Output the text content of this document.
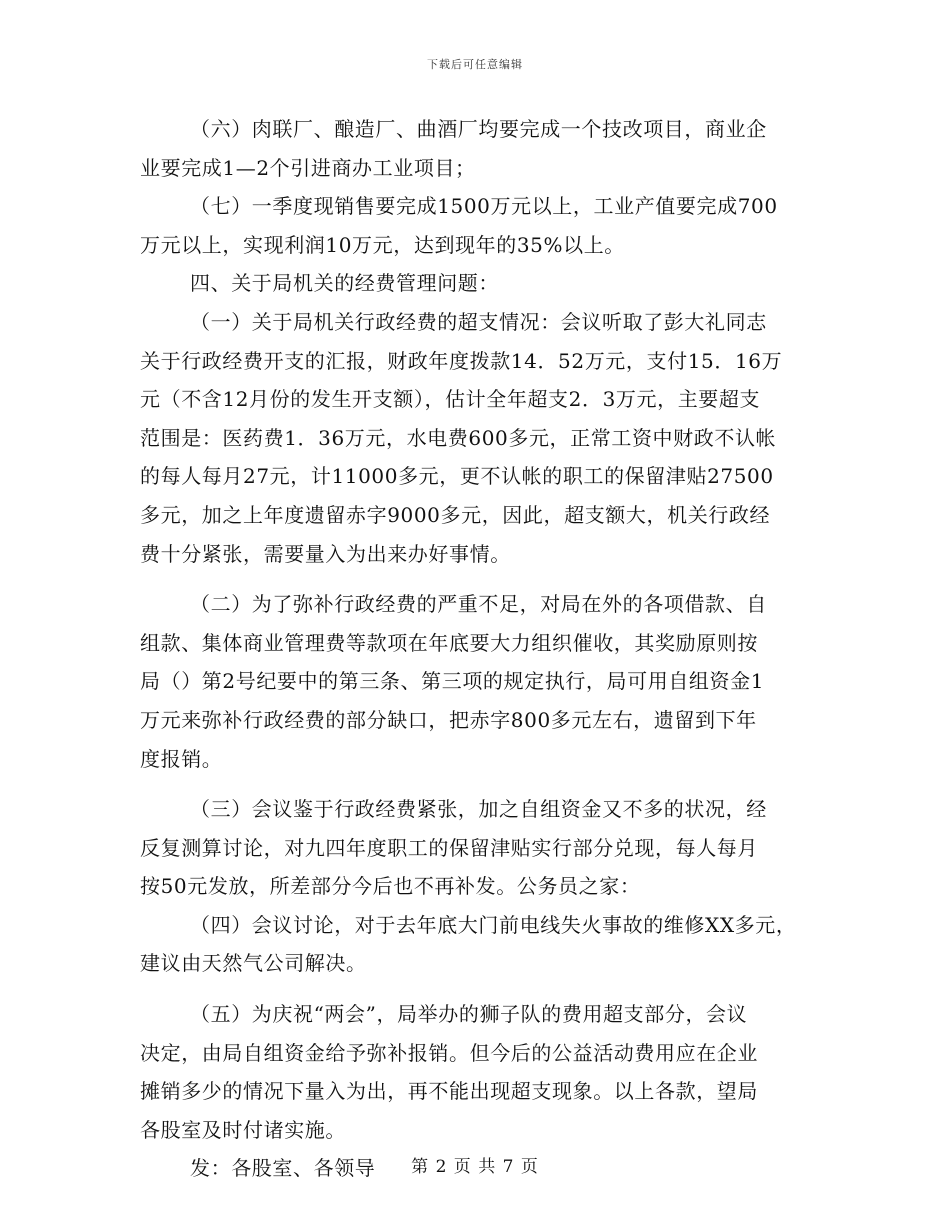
下载后可任意编辑
（六）肉联厂、酿造厂、曲酒厂均要完成一个技改项目，商业企
业要完成1—2个引进商办工业项目；
（七）一季度现销售要完成1500万元以上，工业产值要完成700
万元以上，实现利润10万元，达到现年的35%以上。
四、关于局机关的经费管理问题：
（一）关于局机关行政经费的超支情况：会议听取了彭大礼同志
关于行政经费开支的汇报，财政年度拨款14．52万元，支付15．16万
元（不含12月份的发生开支额），估计全年超支2．3万元，主要超支
范围是：医药费1．36万元，水电费600多元，正常工资中财政不认帐
的每人每月27元，计11000多元，更不认帐的职工的保留津贴27500
多元，加之上年度遗留赤字9000多元，因此，超支额大，机关行政经
费十分紧张，需要量入为出来办好事情。
（二）为了弥补行政经费的严重不足，对局在外的各项借款、自
组款、集体商业管理费等款项在年底要大力组织催收，其奖励原则按
局（）第2号纪要中的第三条、第三项的规定执行，局可用自组资金1
万元来弥补行政经费的部分缺口，把赤字800多元左右，遗留到下年
度报销。
（三）会议鉴于行政经费紧张，加之自组资金又不多的状况，经
反复测算讨论，对九四年度职工的保留津贴实行部分兑现，每人每月
按50元发放，所差部分今后也不再补发。公务员之家：
（四）会议讨论，对于去年底大门前电线失火事故的维修XX多元，
建议由天然气公司解决。
（五）为庆祝“两会”，局举办的狮子队的费用超支部分，会议
决定，由局自组资金给予弥补报销。但今后的公益活动费用应在企业
摊销多少的情况下量入为出，再不能出现超支现象。以上各款，望局
各股室及时付诸实施。
发：各股室、各领导	第 2 页 共 7 页
